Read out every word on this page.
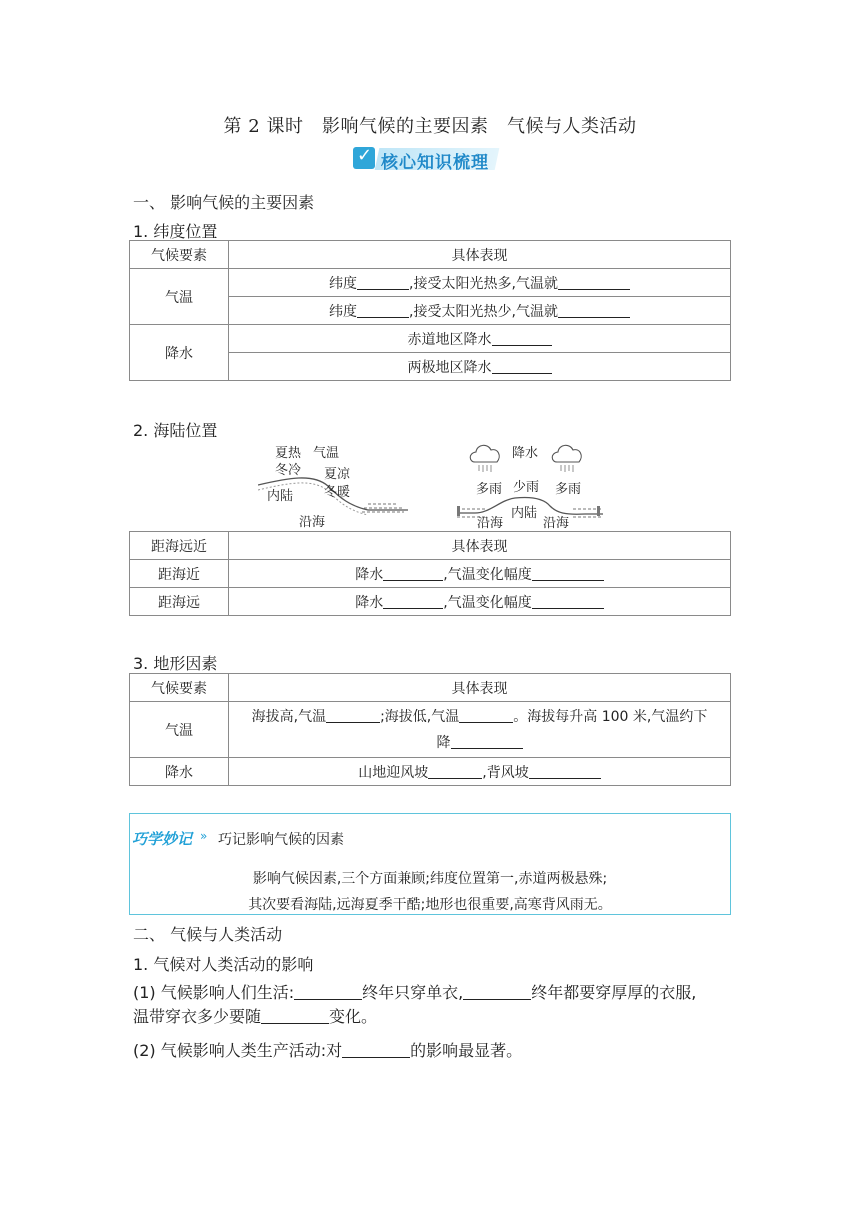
第 2 课时　影响气候的主要因素　气候与人类活动
✓ 核心知识梳理
一、 影响气候的主要因素
1. 纬度位置
气候要素	具体表现
气温	纬度 ,接受太阳光热多,气温就
	纬度 ,接受太阳光热少,气温就
降水	赤道地区降水
	两极地区降水
2. 海陆位置
夏热 气温
冬冷 夏凉
冬暖
内陆
沿海
降水
多雨 少雨 多雨
沿海
内陆
沿海
距海远近	具体表现
距海近	降水 ,气温变化幅度
距海远	降水 ,气温变化幅度
3. 地形因素
气候要素	具体表现
气温	海拔高,气温 ;海拔低,气温 。海拔每升高 100 米,气温约下
降
降水	山地迎风坡 ,背风坡
巧学妙记 » 巧记影响气候的因素
影响气候因素,三个方面兼顾;纬度位置第一,赤道两极悬殊;
其次要看海陆,远海夏季干酷;地形也很重要,高寒背风雨无。
二、 气候与人类活动
1. 气候对人类活动的影响
(1) 气候影响人们生活:	终年只穿单衣,	终年都要穿厚厚的衣服,
温带穿衣多少要随	变化。
(2) 气候影响人类生产活动:对	的影响最显著。
